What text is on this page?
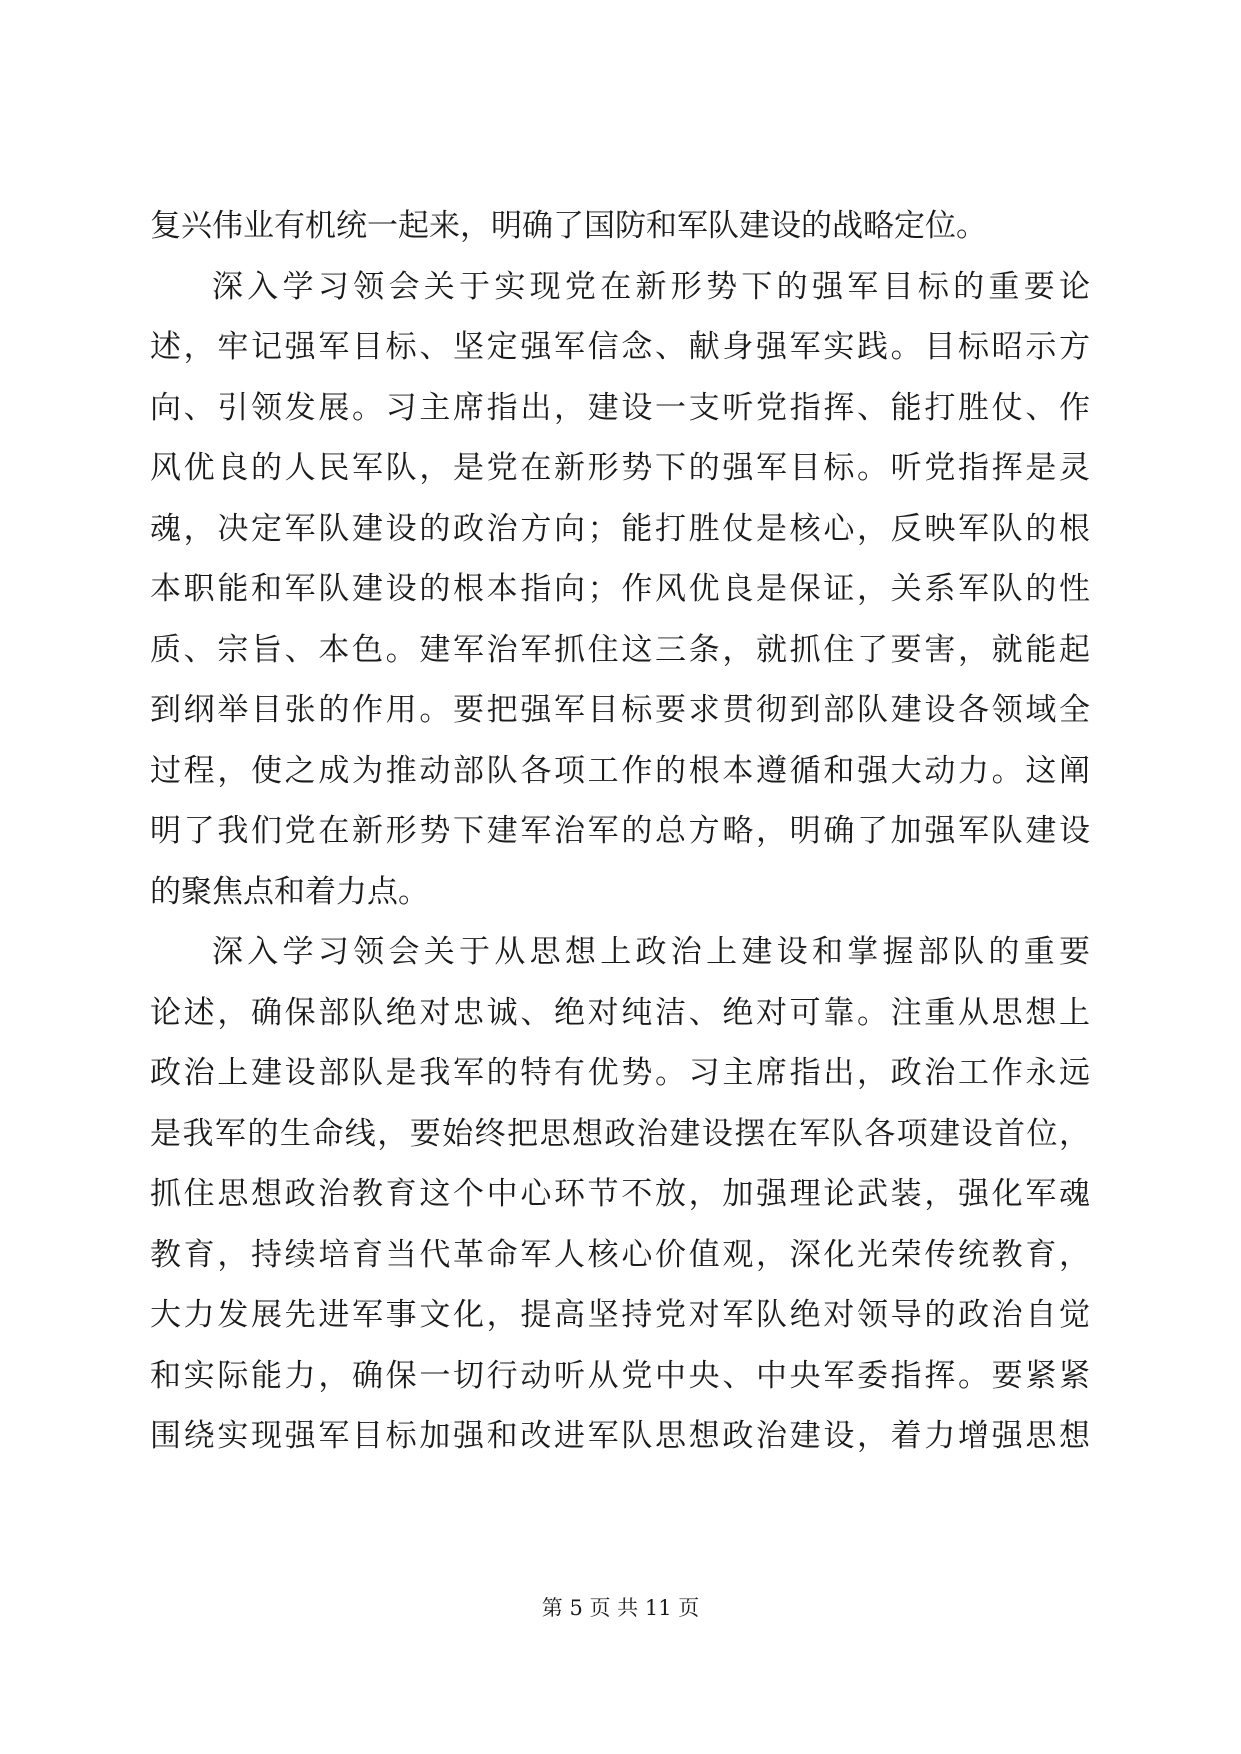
复兴伟业有机统一起来，明确了国防和军队建设的战略定位。
深入学习领会关于实现党在新形势下的强军目标的重要论
述，牢记强军目标、坚定强军信念、献身强军实践。目标昭示方
向、引领发展。习主席指出，建设一支听党指挥、能打胜仗、作
风优良的人民军队，是党在新形势下的强军目标。听党指挥是灵
魂，决定军队建设的政治方向；能打胜仗是核心，反映军队的根
本职能和军队建设的根本指向；作风优良是保证，关系军队的性
质、宗旨、本色。建军治军抓住这三条，就抓住了要害，就能起
到纲举目张的作用。要把强军目标要求贯彻到部队建设各领域全
过程，使之成为推动部队各项工作的根本遵循和强大动力。这阐
明了我们党在新形势下建军治军的总方略，明确了加强军队建设
的聚焦点和着力点。
深入学习领会关于从思想上政治上建设和掌握部队的重要
论述，确保部队绝对忠诚、绝对纯洁、绝对可靠。注重从思想上
政治上建设部队是我军的特有优势。习主席指出，政治工作永远
是我军的生命线，要始终把思想政治建设摆在军队各项建设首位，
抓住思想政治教育这个中心环节不放，加强理论武装，强化军魂
教育，持续培育当代革命军人核心价值观，深化光荣传统教育，
大力发展先进军事文化，提高坚持党对军队绝对领导的政治自觉
和实际能力，确保一切行动听从党中央、中央军委指挥。要紧紧
围绕实现强军目标加强和改进军队思想政治建设，着力增强思想
第 5 页 共 11 页
